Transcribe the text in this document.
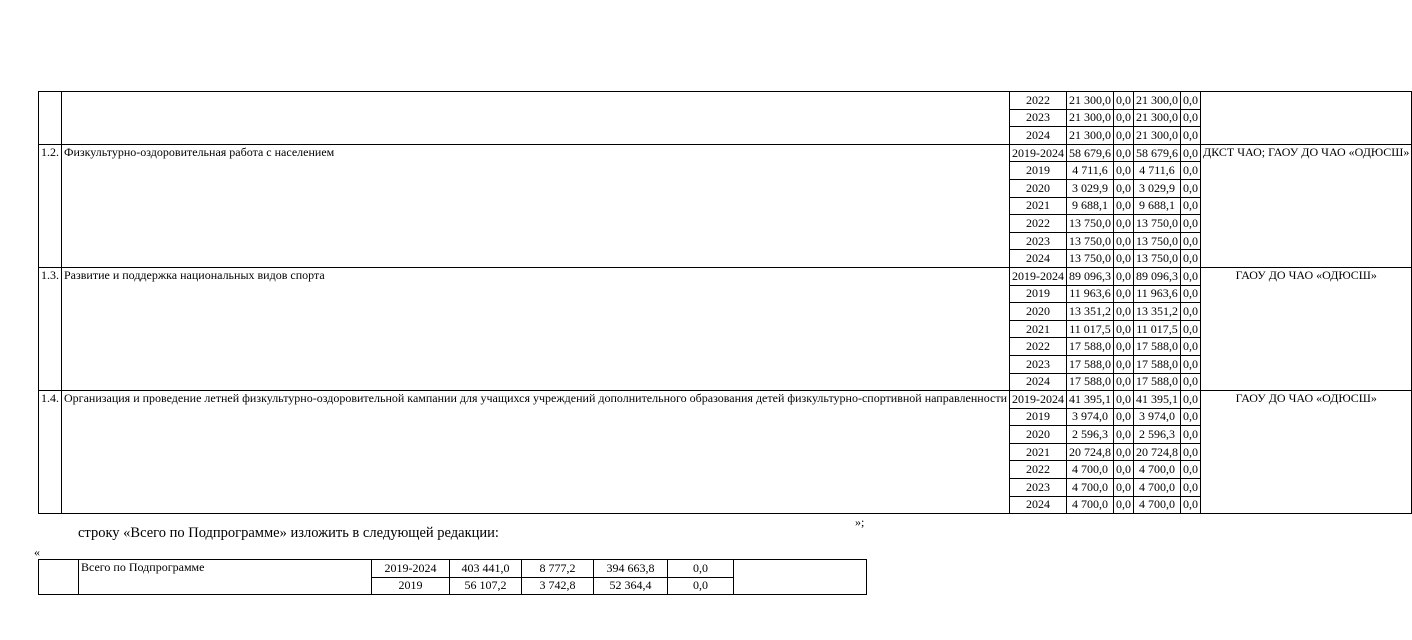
		2022	21 300,0	0,0	21 300,0	0,0	
		2023	21 300,0	0,0	21 300,0	0,0	
		2024	21 300,0	0,0	21 300,0	0,0	
1.2.	Физкультурно-оздоровительная работа с населением	2019-2024	58 679,6	0,0	58 679,6	0,0	ДКСТ ЧАО; ГАОУ ДО ЧАО «ОДЮСШ»
		2019	4 711,6	0,0	4 711,6	0,0	
		2020	3 029,9	0,0	3 029,9	0,0	
		2021	9 688,1	0,0	9 688,1	0,0	
		2022	13 750,0	0,0	13 750,0	0,0	
		2023	13 750,0	0,0	13 750,0	0,0	
		2024	13 750,0	0,0	13 750,0	0,0	
1.3.	Развитие и поддержка национальных видов спорта	2019-2024	89 096,3	0,0	89 096,3	0,0	ГАОУ ДО ЧАО «ОДЮСШ»
		2019	11 963,6	0,0	11 963,6	0,0	
		2020	13 351,2	0,0	13 351,2	0,0	
		2021	11 017,5	0,0	11 017,5	0,0	
		2022	17 588,0	0,0	17 588,0	0,0	
		2023	17 588,0	0,0	17 588,0	0,0	
		2024	17 588,0	0,0	17 588,0	0,0	
1.4.	Организация и проведение летней физкультурно-оздоровительной кампании для учащихся учреждений дополнительного образования детей физкультурно-спортивной направленности	2019-2024	41 395,1	0,0	41 395,1	0,0	ГАОУ ДО ЧАО «ОДЮСШ»
		2019	3 974,0	0,0	3 974,0	0,0	
		2020	2 596,3	0,0	2 596,3	0,0	
		2021	20 724,8	0,0	20 724,8	0,0	
		2022	4 700,0	0,0	4 700,0	0,0	
		2023	4 700,0	0,0	4 700,0	0,0	
		2024	4 700,0	0,0	4 700,0	0,0	
»;
строку «Всего по Подпрограмме» изложить в следующей редакции:
«
	Всего по Подпрограмме	2019-2024	403 441,0	8 777,2	394 663,8	0,0	
		2019	56 107,2	3 742,8	52 364,4	0,0	
